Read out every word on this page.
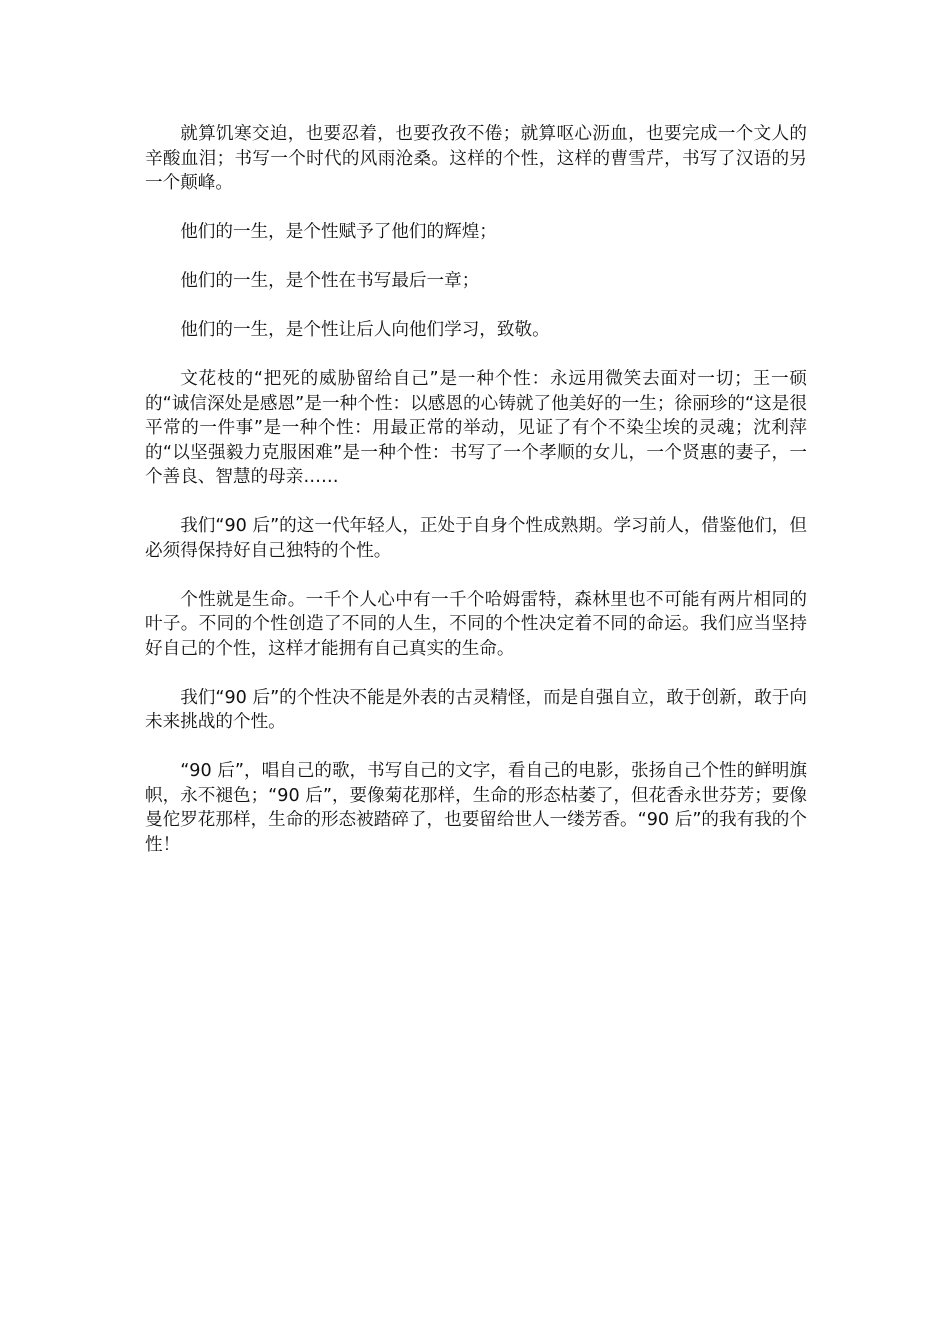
就算饥寒交迫，也要忍着，也要孜孜不倦；就算呕心沥血，也要完成一个文人的辛酸血泪；书写一个时代的风雨沧桑。这样的个性，这样的曹雪芹，书写了汉语的另一个颠峰。

他们的一生，是个性赋予了他们的辉煌；

他们的一生，是个性在书写最后一章；

他们的一生，是个性让后人向他们学习，致敬。

文花枝的“把死的威胁留给自己”是一种个性：永远用微笑去面对一切；王一硕的“诚信深处是感恩”是一种个性：以感恩的心铸就了他美好的一生；徐丽珍的“这是很平常的一件事”是一种个性：用最正常的举动，见证了有个不染尘埃的灵魂；沈利萍的“以坚强毅力克服困难”是一种个性：书写了一个孝顺的女儿，一个贤惠的妻子，一个善良、智慧的母亲……

我们“90 后”的这一代年轻人，正处于自身个性成熟期。学习前人，借鉴他们，但必须得保持好自己独特的个性。

个性就是生命。一千个人心中有一千个哈姆雷特，森林里也不可能有两片相同的叶子。不同的个性创造了不同的人生，不同的个性决定着不同的命运。我们应当坚持好自己的个性，这样才能拥有自己真实的生命。

我们“90 后”的个性决不能是外表的古灵精怪，而是自强自立，敢于创新，敢于向未来挑战的个性。

“90 后”，唱自己的歌，书写自己的文字，看自己的电影，张扬自己个性的鲜明旗帜，永不褪色；“90 后”，要像菊花那样，生命的形态枯萎了，但花香永世芬芳；要像曼佗罗花那样，生命的形态被踏碎了，也要留给世人一缕芳香。“90 后”的我有我的个性！
